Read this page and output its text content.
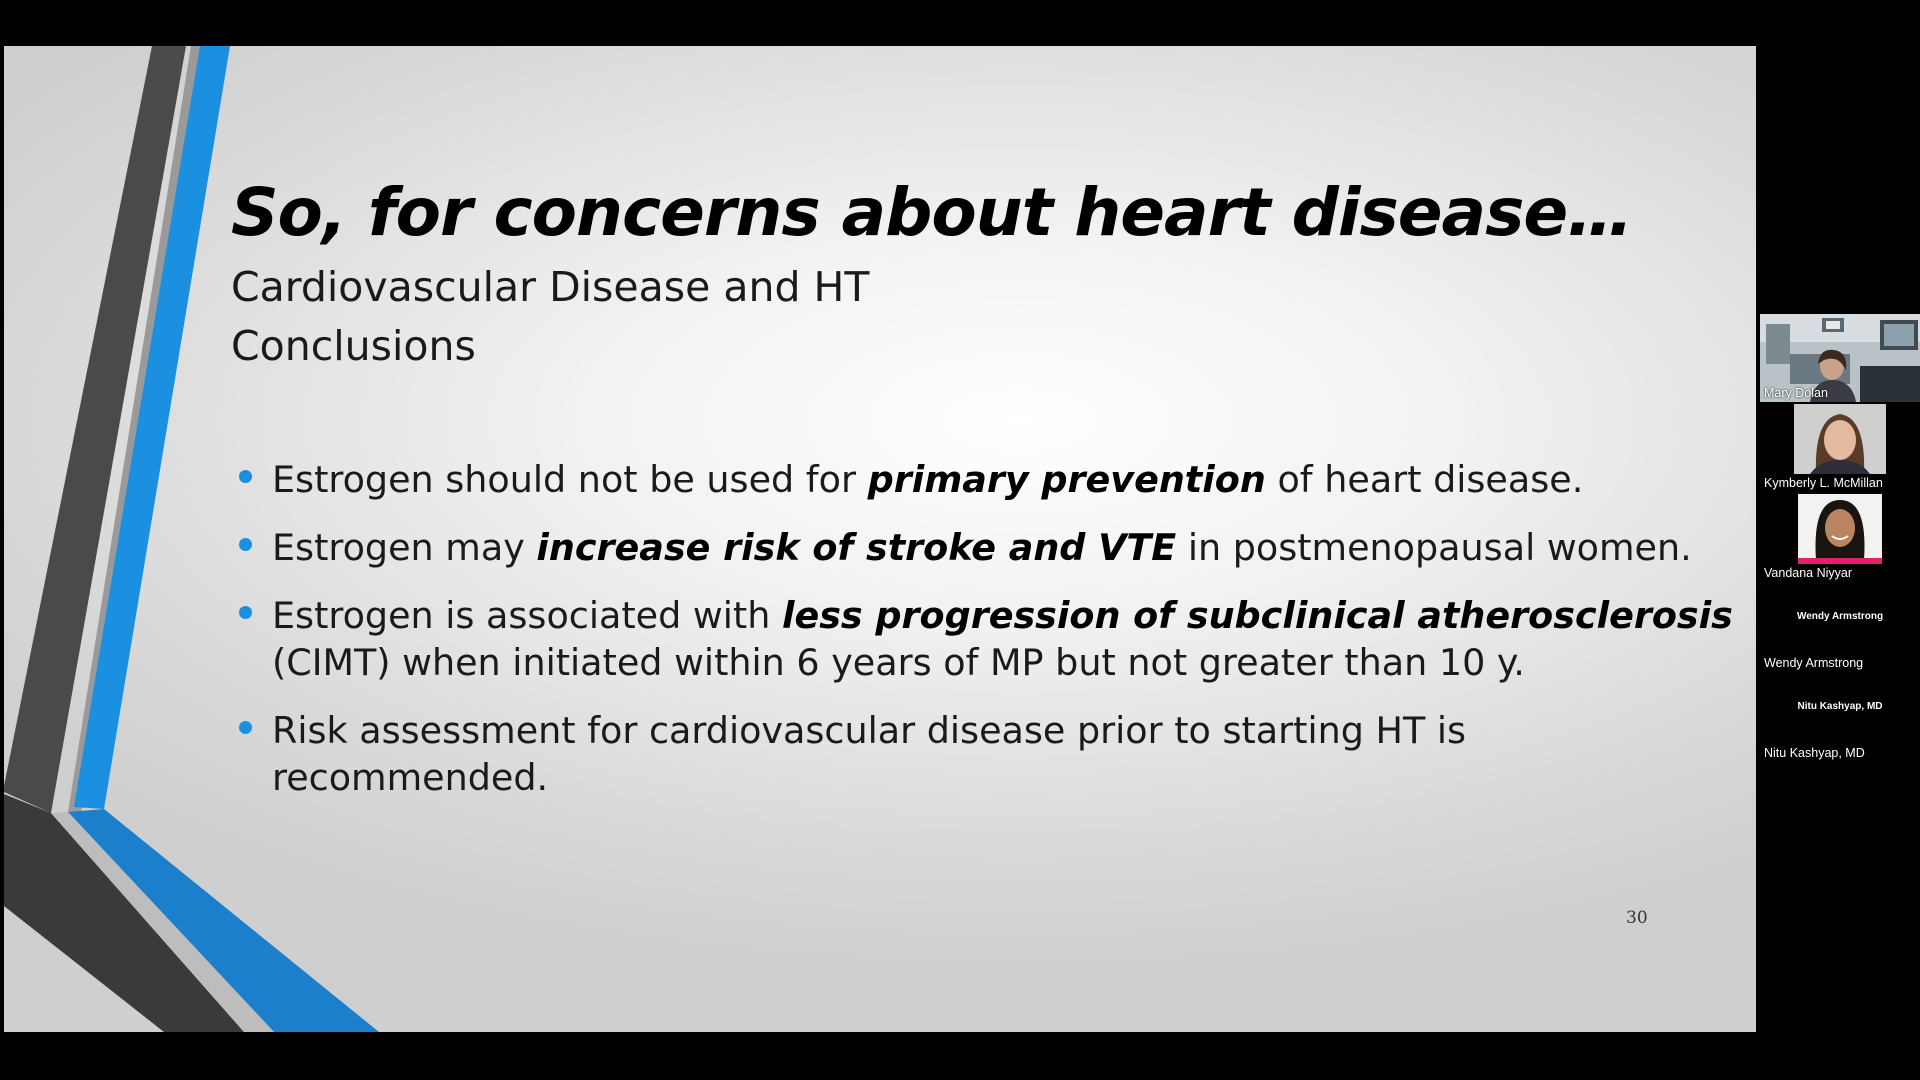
So, for concerns about heart disease…
Cardiovascular Disease and HT
Conclusions
Estrogen should not be used for primary prevention of heart disease.
Estrogen may increase risk of stroke and VTE in postmenopausal women.
Estrogen is associated with less progression of subclinical atherosclerosis
(CIMT) when initiated within 6 years of MP but not greater than 10 y.
Risk assessment for cardiovascular disease prior to starting HT is
recommended.
30
Mary Dolan
Kymberly L. McMillan
Vandana Niyyar
Wendy Armstrong
Wendy Armstrong
Nitu Kashyap, MD
Nitu Kashyap, MD
